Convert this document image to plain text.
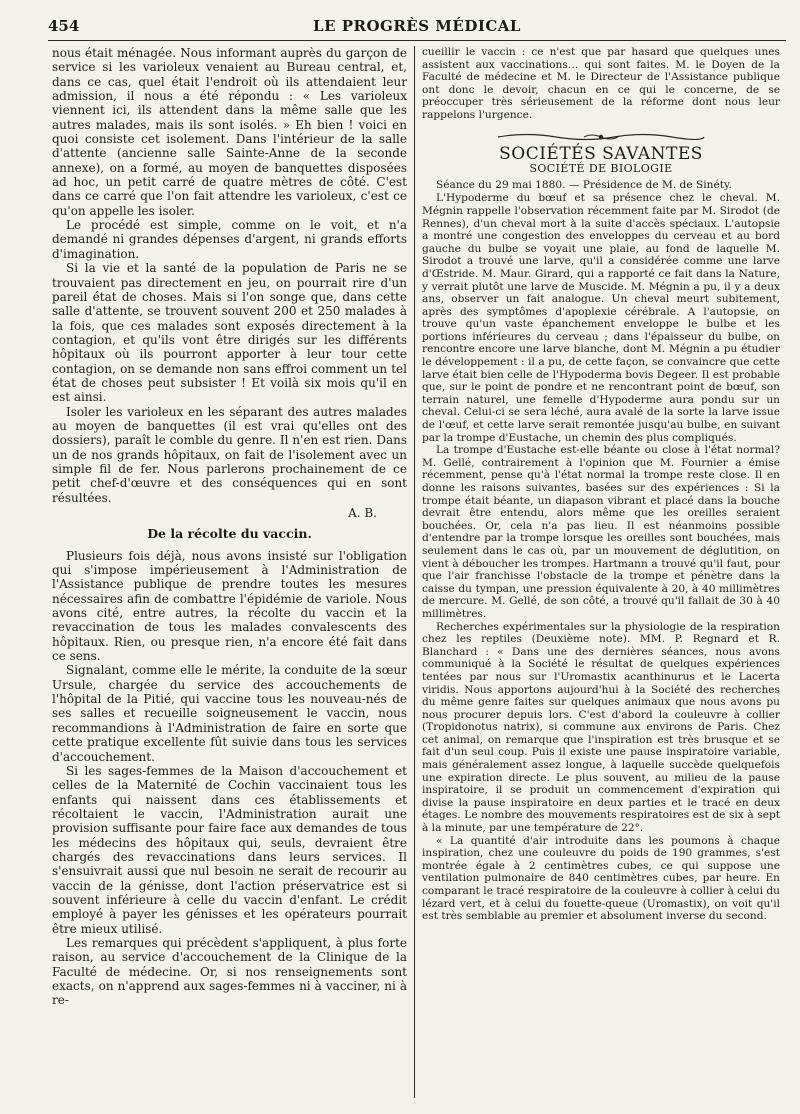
454	LE PROGRÈS MÉDICAL

nous était ménagée. Nous informant auprès du garçon de service si les varioleux venaient au Bureau central, et, dans ce cas, quel était l'endroit où ils attendaient leur admission, il nous a été répondu : « Les varioleux viennent ici, ils attendent dans la même salle que les autres malades, mais ils sont isolés. » Eh bien ! voici en quoi consiste cet isolement. Dans l'intérieur de la salle d'attente (ancienne salle Sainte-Anne de la seconde annexe), on a formé, au moyen de banquettes disposées ad hoc, un petit carré de quatre mètres de côté. C'est dans ce carré que l'on fait attendre les varioleux, c'est ce qu'on appelle les isoler.

Le procédé est simple, comme on le voit, et n'a demandé ni grandes dépenses d'argent, ni grands efforts d'imagination.

Si la vie et la santé de la population de Paris ne se trouvaient pas directement en jeu, on pourrait rire d'un pareil état de choses. Mais si l'on songe que, dans cette salle d'attente, se trouvent souvent 200 et 250 malades à la fois, que ces malades sont exposés directement à la contagion, et qu'ils vont être dirigés sur les différents hôpitaux où ils pourront apporter à leur tour cette contagion, on se demande non sans effroi comment un tel état de choses peut subsister ! Et voilà six mois qu'il en est ainsi.

Isoler les varioleux en les séparant des autres malades au moyen de banquettes (il est vrai qu'elles ont des dossiers), paraît le comble du genre. Il n'en est rien. Dans un de nos grands hôpitaux, on fait de l'isolement avec un simple fil de fer. Nous parlerons prochainement de ce petit chef-d'œuvre et des conséquences qui en sont résultées.

A. B.
De la récolte du vaccin.

Plusieurs fois déjà, nous avons insisté sur l'obligation qui s'impose impérieusement à l'Administration de l'Assistance publique de prendre toutes les mesures nécessaires afin de combattre l'épidémie de variole. Nous avons cité, entre autres, la récolte du vaccin et la revaccination de tous les malades convalescents des hôpitaux. Rien, ou presque rien, n'a encore été fait dans ce sens.

Signalant, comme elle le mérite, la conduite de la sœur Ursule, chargée du service des accouchements de l'hôpital de la Pitié, qui vaccine tous les nouveau-nés de ses salles et recueille soigneusement le vaccin, nous recommandions à l'Administration de faire en sorte que cette pratique excellente fût suivie dans tous les services d'accouchement.

Si les sages-femmes de la Maison d'accouchement et celles de la Maternité de Cochin vaccinaient tous les enfants qui naissent dans ces établissements et récoltaient le vaccin, l'Administration aurait une provision suffisante pour faire face aux demandes de tous les médecins des hôpitaux qui, seuls, devraient être chargés des revaccinations dans leurs services. Il s'ensuivrait aussi que nul besoin ne serait de recourir au vaccin de la génisse, dont l'action préservatrice est si souvent inférieure à celle du vaccin d'enfant. Le crédit employé à payer les génisses et les opérateurs pourrait être mieux utilisé.

Les remarques qui précèdent s'appliquent, à plus forte raison, au service d'accouchement de la Clinique de la Faculté de médecine. Or, si nos renseignements sont exacts, on n'apprend aux sages-femmes ni à vacciner, ni à re-

cueillir le vaccin : ce n'est que par hasard que quelques unes assistent aux vaccinations… qui sont faites. M. le Doyen de la Faculté de médecine et M. le Directeur de l'Assistance publique ont donc le devoir, chacun en ce qui le concerne, de se préoccuper très sérieusement de la réforme dont nous leur rappelons l'urgence.

SOCIÉTÉS SAVANTES
SOCIÉTÉ DE BIOLOGIE

Séance du 29 mai 1880. — Présidence de M. de Sinéty.

L'Hypoderme du bœuf et sa présence chez le cheval. M. Mégnin rappelle l'observation récemment faite par M. Sirodot (de Rennes), d'un cheval mort à la suite d'accès spéciaux. L'autopsie a montré une congestion des enveloppes du cerveau et au bord gauche du bulbe se voyait une plaie, au fond de laquelle M. Sirodot a trouvé une larve, qu'il a considérée comme une larve d'Œstride. M. Maur. Girard, qui a rapporté ce fait dans la Nature, y verrait plutôt une larve de Muscide. M. Mégnin a pu, il y a deux ans, observer un fait analogue. Un cheval meurt subitement, après des symptômes d'apoplexie cérébrale. A l'autopsie, on trouve qu'un vaste épanchement enveloppe le bulbe et les portions inférieures du cerveau ; dans l'épaisseur du bulbe, on rencontre encore une larve blanche, dont M. Mégnin a pu étudier le développement : il a pu, de cette façon, se convaincre que cette larve était bien celle de l'Hypoderma bovis Degeer. Il est probable que, sur le point de pondre et ne rencontrant point de bœuf, son terrain naturel, une femelle d'Hypoderme aura pondu sur un cheval. Celui-ci se sera léché, aura avalé de la sorte la larve issue de l'œuf, et cette larve serait remontée jusqu'au bulbe, en suivant par la trompe d'Eustache, un chemin des plus compliqués.

La trompe d'Eustache est-elle béante ou close à l'état normal? M. Gellé, contrairement à l'opinion que M. Fournier a émise récemment, pense qu'à l'état normal la trompe reste close. Il en donne les raisons suivantes, basées sur des expériences : Si la trompe était béante, un diapason vibrant et placé dans la bouche devrait être entendu, alors même que les oreilles seraient bouchées. Or, cela n'a pas lieu. Il est néanmoins possible d'entendre par la trompe lorsque les oreilles sont bouchées, mais seulement dans le cas où, par un mouvement de déglutition, on vient à déboucher les trompes. Hartmann a trouvé qu'il faut, pour que l'air franchisse l'obstacle de la trompe et pénètre dans la caisse du tympan, une pression équivalente à 20, à 40 millimètres de mercure. M. Gellé, de son côté, a trouvé qu'il fallait de 30 à 40 millimètres.

Recherches expérimentales sur la physiologie de la respiration chez les reptiles (Deuxième note). MM. P. Regnard et R. Blanchard : « Dans une des dernières séances, nous avons communiqué à la Société le résultat de quelques expériences tentées par nous sur l'Uromastix acanthinurus et le Lacerta viridis. Nous apportons aujourd'hui à la Société des recherches du même genre faites sur quelques animaux que nous avons pu nous procurer depuis lors. C'est d'abord la couleuvre à collier (Tropidonotus natrix), si commune aux environs de Paris. Chez cet animal, on remarque que l'inspiration est très brusque et se fait d'un seul coup. Puis il existe une pause inspiratoire variable, mais généralement assez longue, à laquelle succède quelquefois une expiration directe. Le plus souvent, au milieu de la pause inspiratoire, il se produit un commencement d'expiration qui divise la pause inspiratoire en deux parties et le tracé en deux étages. Le nombre des mouvements respiratoires est de six à sept à la minute, par une température de 22°.

« La quantité d'air introduite dans les poumons à chaque inspiration, chez une couleuvre du poids de 190 grammes, s'est montrée égale à 2 centimètres cubes, ce qui suppose une ventilation pulmonaire de 840 centimètres cubes, par heure. En comparant le tracé respiratoire de la couleuvre à collier à celui du lézard vert, et à celui du fouette-queue (Uromastix), on voit qu'il est très semblable au premier et absolument inverse du second.
